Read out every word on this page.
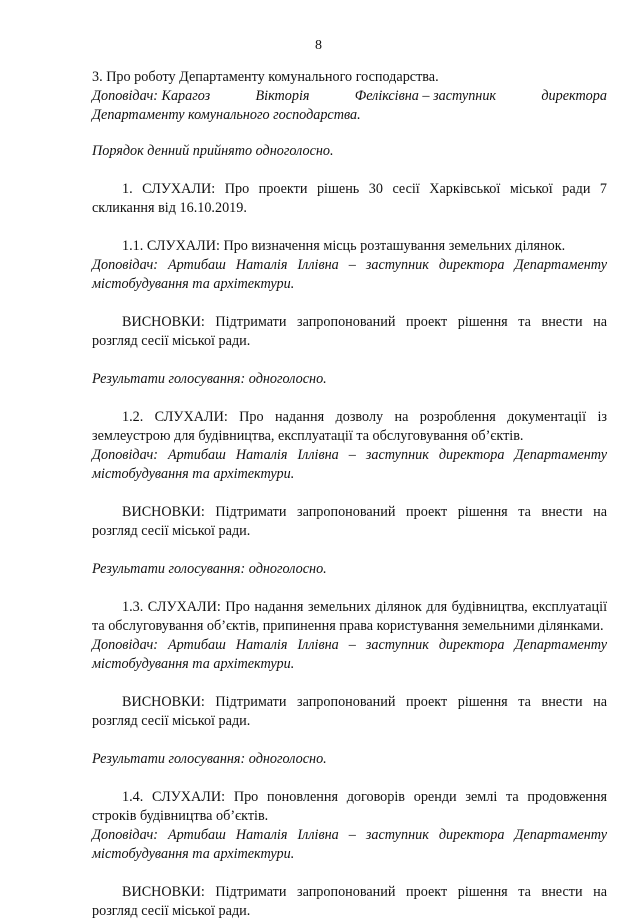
8

3. Про роботу Департаменту комунального господарства.

Доповідач: Карагоз	Вікторія	Феліксівна – заступник	директора

Департаменту комунального господарства.

Порядок денний прийнято одноголосно.

1. СЛУХАЛИ: Про проекти рішень 30 сесії Харківської міської ради 7 скликання від 16.10.2019.

1.1. СЛУХАЛИ: Про визначення місць розташування земельних ділянок.

Доповідач: Артибаш Наталія Іллівна – заступник директора Департаменту містобудування та архітектури.

ВИСНОВКИ: Підтримати запропонований проект рішення та внести на розгляд сесії міської ради.

Результати голосування: одноголосно.

1.2. СЛУХАЛИ: Про надання дозволу на розроблення документації із землеустрою для будівництва, експлуатації та обслуговування об’єктів.

Доповідач: Артибаш Наталія Іллівна – заступник директора Департаменту містобудування та архітектури.

ВИСНОВКИ: Підтримати запропонований проект рішення та внести на розгляд сесії міської ради.

Результати голосування: одноголосно.

1.3. СЛУХАЛИ: Про надання земельних ділянок для будівництва, експлуатації та обслуговування об’єктів, припинення права користування земельними ділянками.

Доповідач: Артибаш Наталія Іллівна – заступник директора Департаменту містобудування та архітектури.

ВИСНОВКИ: Підтримати запропонований проект рішення та внести на розгляд сесії міської ради.

Результати голосування: одноголосно.

1.4. СЛУХАЛИ: Про поновлення договорів оренди землі та продовження строків будівництва об’єктів.

Доповідач: Артибаш Наталія Іллівна – заступник директора Департаменту містобудування та архітектури.

ВИСНОВКИ: Підтримати запропонований проект рішення та внести на розгляд сесії міської ради.
